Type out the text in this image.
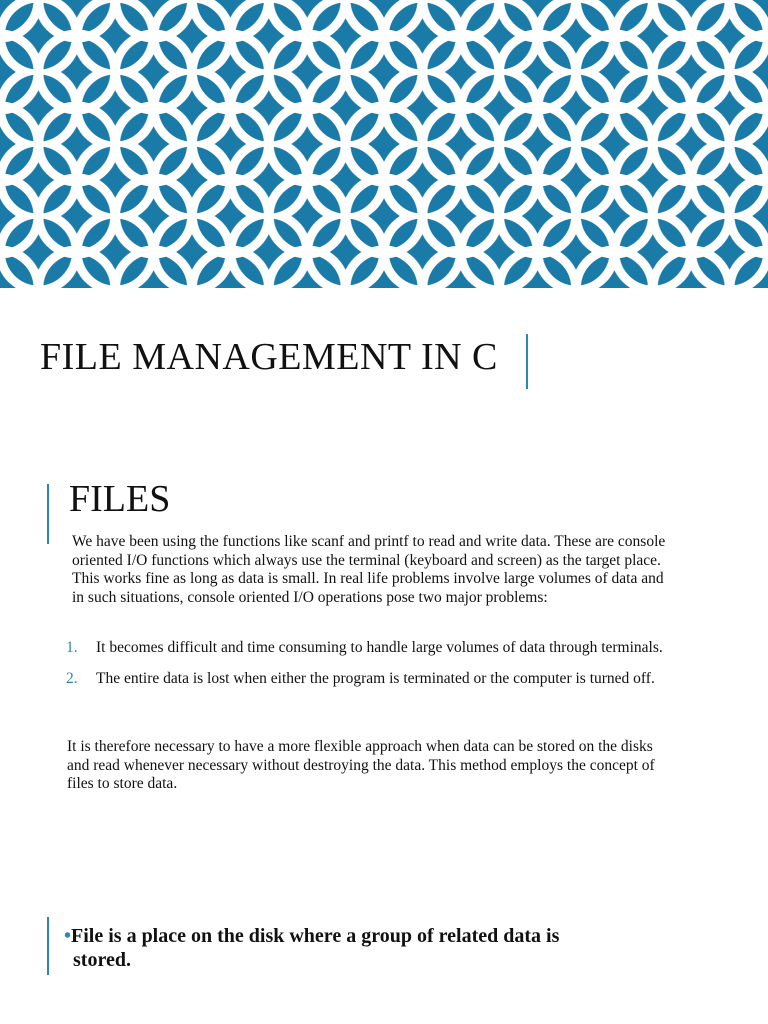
FILE MANAGEMENT IN C
FILES

We have been using the functions like scanf and printf to read and write data. These are console oriented I/O functions which always use the terminal (keyboard and screen) as the target place. This works fine as long as data is small. In real life problems involve large volumes of data and in such situations, console oriented I/O operations pose two major problems:

1. It becomes difficult and time consuming to handle large volumes of data through terminals.
2. The entire data is lost when either the program is terminated or the computer is turned off.

It is therefore necessary to have a more flexible approach when data can be stored on the disks and read whenever necessary without destroying the data. This method employs the concept of files to store data.

•File is a place on the disk where a group of related data is
stored.
